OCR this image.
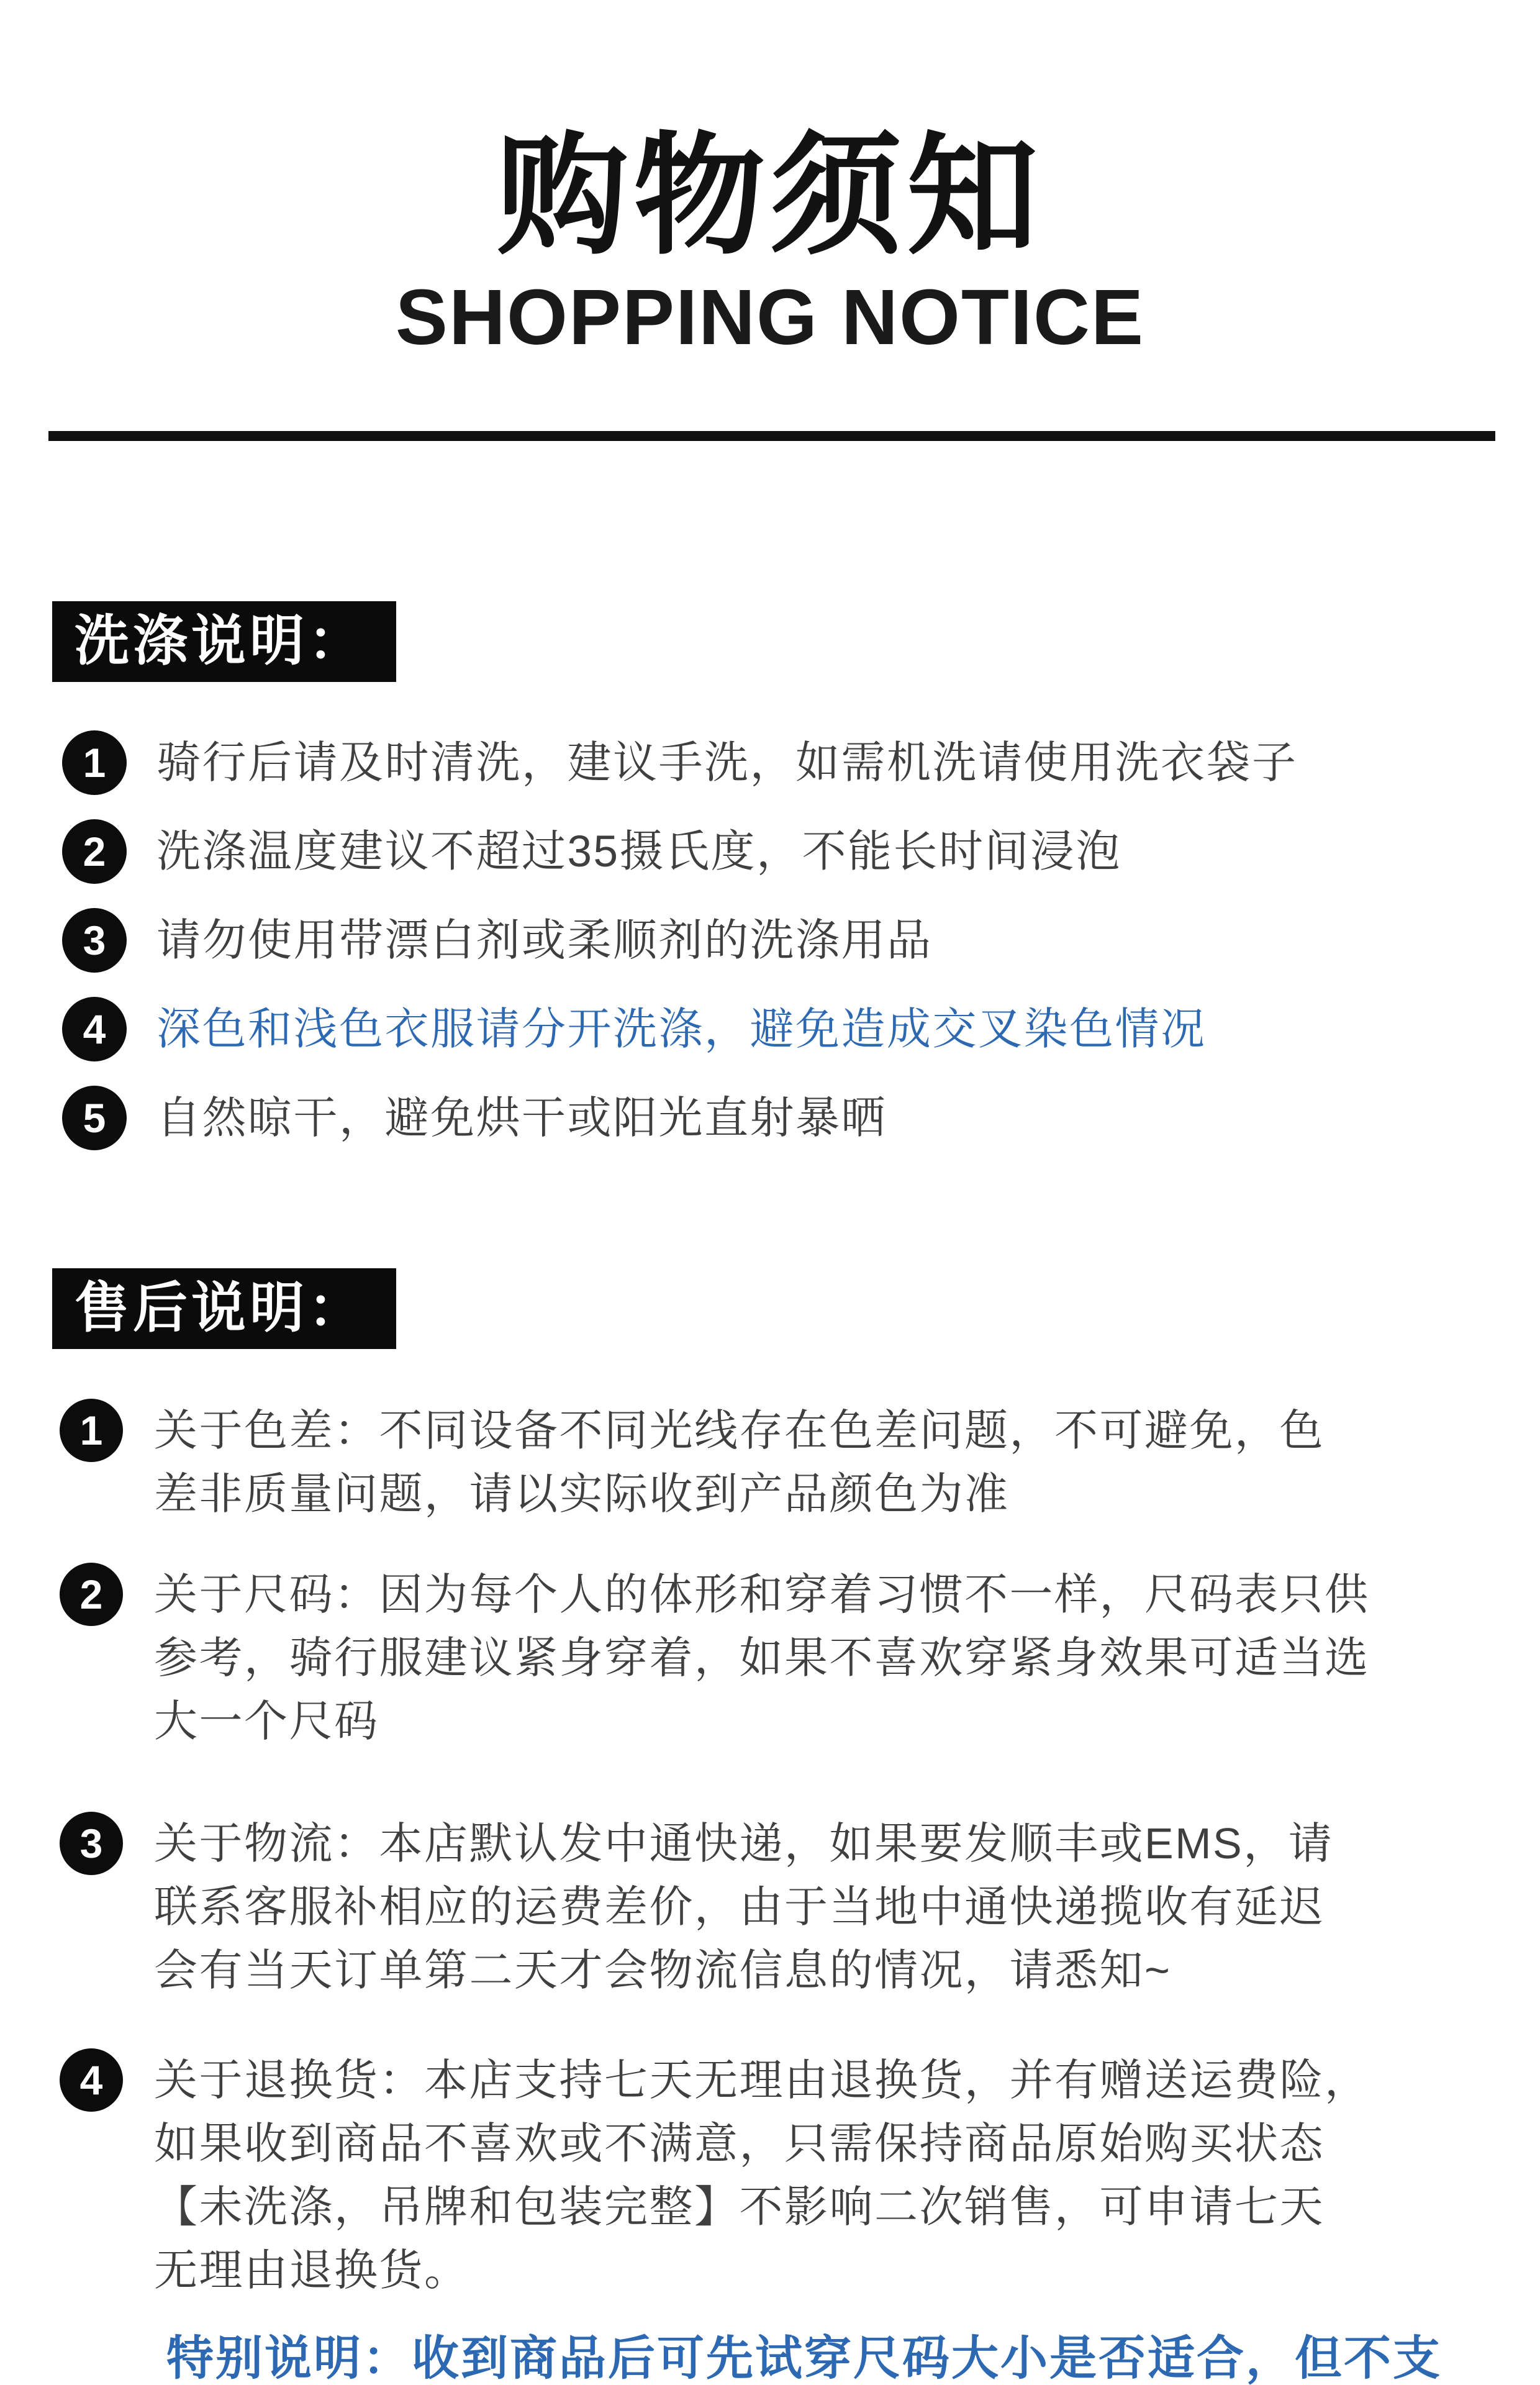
购物须知
SHOPPING NOTICE
洗涤说明：
1	骑行后请及时清洗，建议手洗，如需机洗请使用洗衣袋子
2	洗涤温度建议不超过35摄氏度，不能长时间浸泡
3	请勿使用带漂白剂或柔顺剂的洗涤用品
4	深色和浅色衣服请分开洗涤，避免造成交叉染色情况
5	自然晾干，避免烘干或阳光直射暴晒
售后说明：
1	关于色差：不同设备不同光线存在色差问题，不可避免，色
差非质量问题，请以实际收到产品颜色为准
2	关于尺码：因为每个人的体形和穿着习惯不一样，尺码表只供
参考，骑行服建议紧身穿着，如果不喜欢穿紧身效果可适当选
大一个尺码
3	关于物流：本店默认发中通快递，如果要发顺丰或EMS，请
联系客服补相应的运费差价，由于当地中通快递揽收有延迟
会有当天订单第二天才会物流信息的情况，请悉知~
4	关于退换货：本店支持七天无理由退换货，并有赠送运费险，
如果收到商品不喜欢或不满意，只需保持商品原始购买状态
【未洗涤，吊牌和包装完整】不影响二次销售，可申请七天
无理由退换货。
特别说明：收到商品后可先试穿尺码大小是否适合，但不支
